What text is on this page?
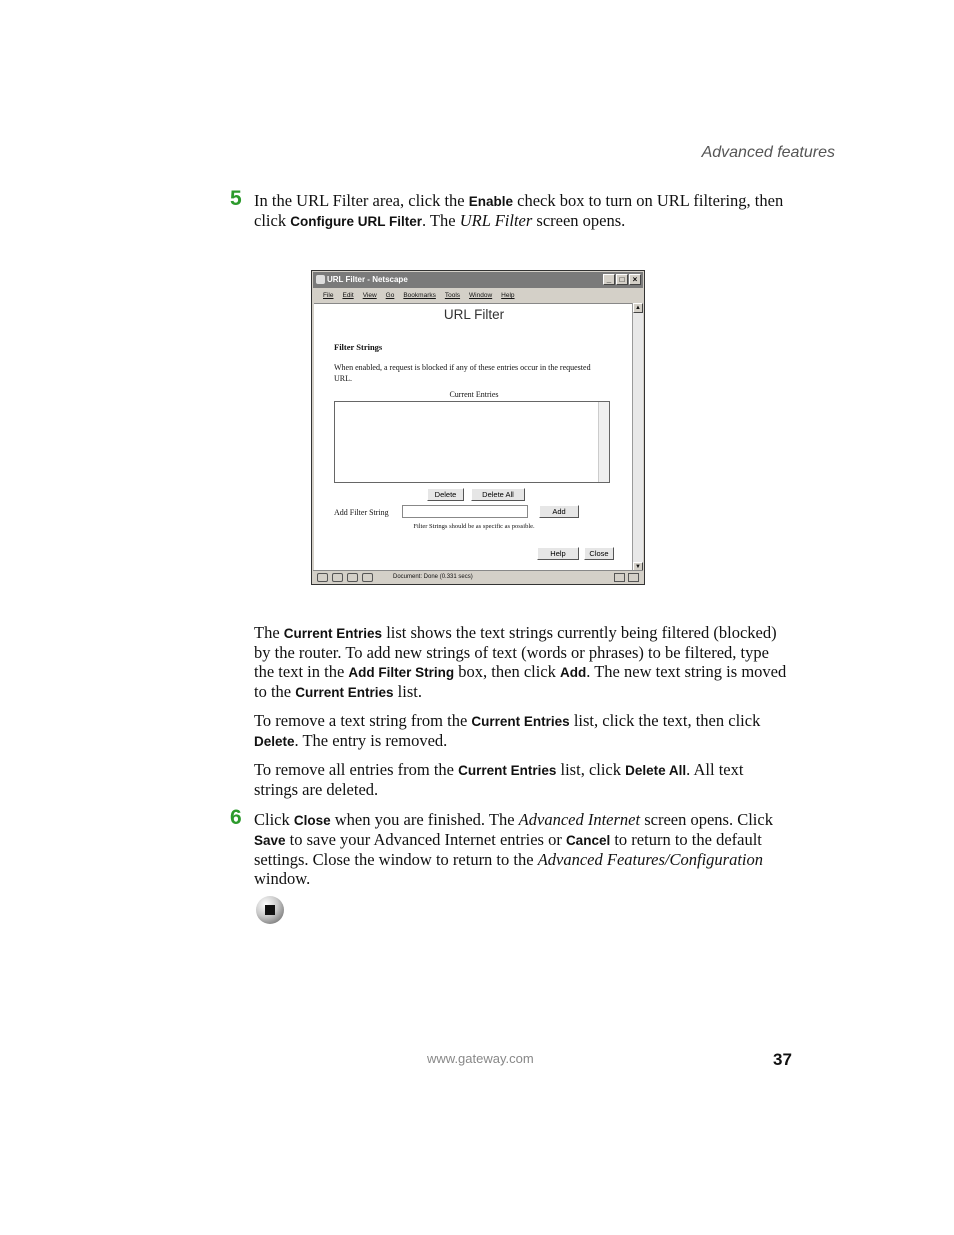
Advanced features
5 In the URL Filter area, click the Enable check box to turn on URL filtering, then click Configure URL Filter. The URL Filter screen opens.
URL Filter - Netscape	_	□	×
File Edit View Go Bookmarks Tools Window Help
URL Filter
Filter Strings
When enabled, a request is blocked if any of these entries occur in the requested URL.
Current Entries
Delete	Delete All
Add Filter String	Add
Filter Strings should be as specific as possible.
Help	Close
▲
▼
Document: Done (0.331 secs)
The Current Entries list shows the text strings currently being filtered (blocked) by the router. To add new strings of text (words or phrases) to be filtered, type the text in the Add Filter String box, then click Add. The new text string is moved to the Current Entries list.
To remove a text string from the Current Entries list, click the text, then click Delete. The entry is removed.
To remove all entries from the Current Entries list, click Delete All. All text strings are deleted.
6 Click Close when you are finished. The Advanced Internet screen opens. Click Save to save your Advanced Internet entries or Cancel to return to the default settings. Close the window to return to the Advanced Features/Configuration window.
www.gateway.com	37
